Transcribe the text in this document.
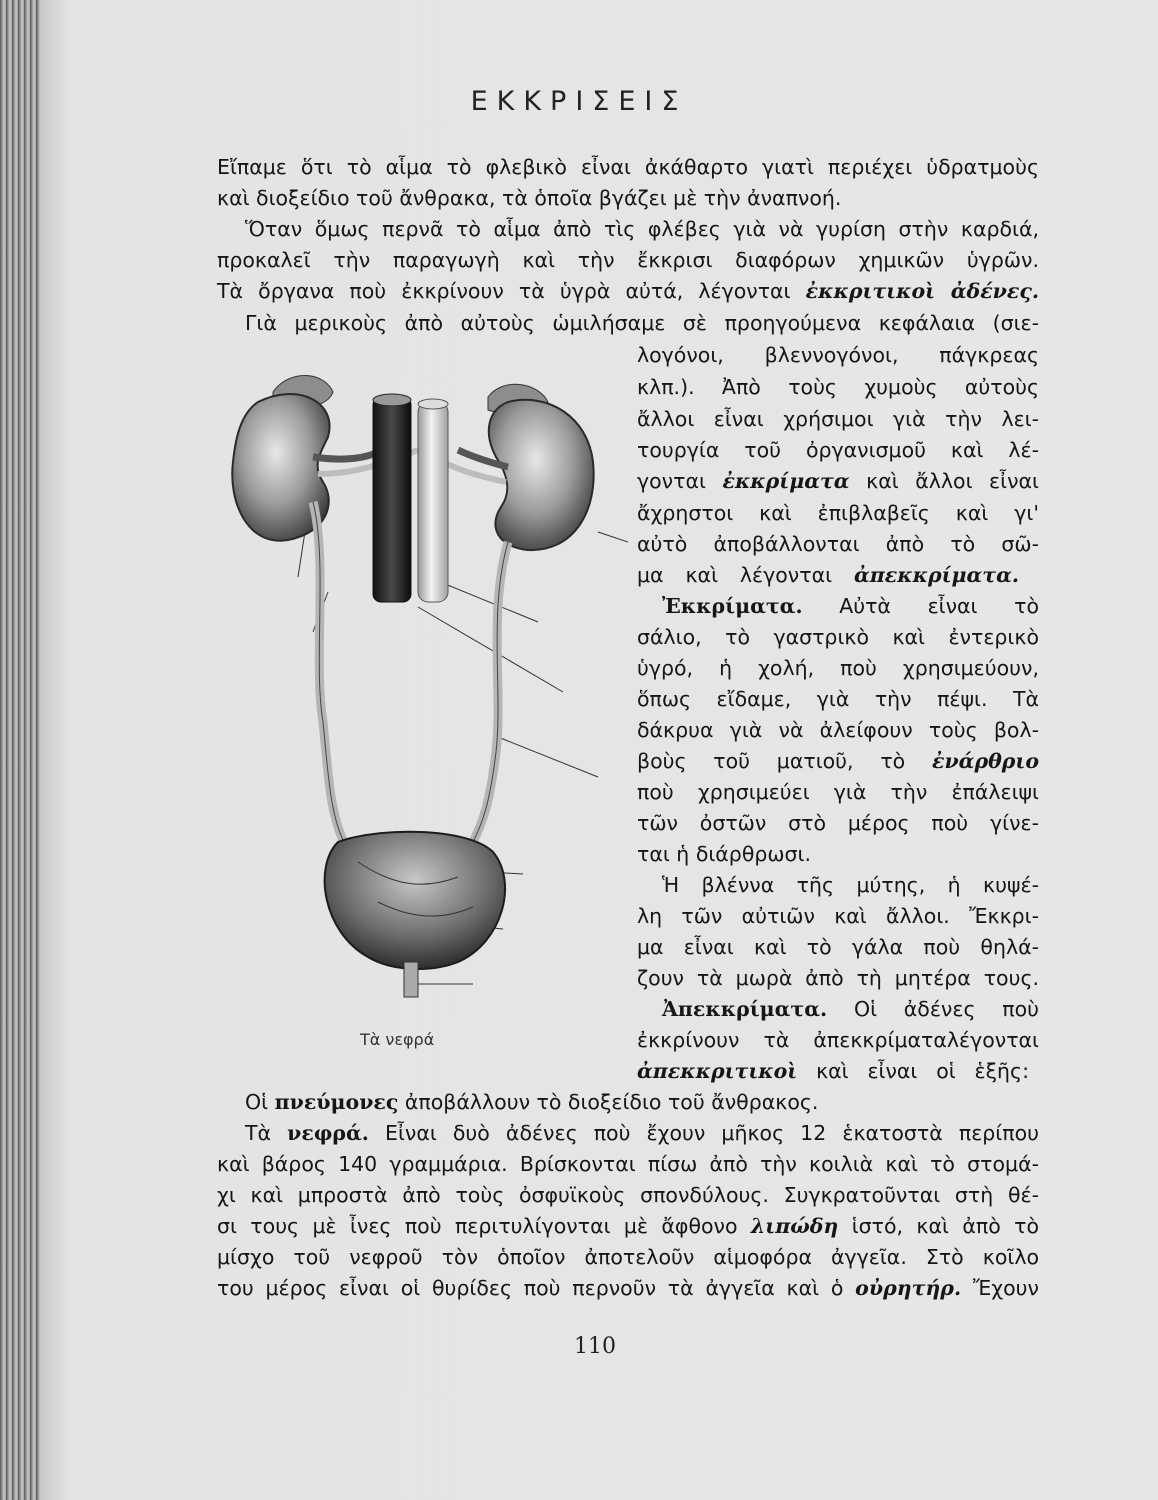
ΕΚΚΡΙΣΕΙΣ

Εἴπαμε ὅτι τὸ αἷμα τὸ φλεβικὸ εἶναι ἀκάθαρτο γιατὶ περιέχει ὑδρατμοὺς

καὶ διοξείδιο τοῦ ἄνθρακα, τὰ ὁποῖα βγάζει μὲ τὴν ἀναπνοή.

Ὅταν ὅμως περνᾶ τὸ αἷμα ἀπὸ τὶς φλέβες γιὰ νὰ γυρίση στὴν καρδιά,

προκαλεῖ τὴν παραγωγὴ καὶ τὴν ἔκκρισι διαφόρων χημικῶν ὑγρῶν.

Τὰ ὄργανα ποὺ ἐκκρίνουν τὰ ὑγρὰ αὐτά, λέγονται ἐκκριτικοὶ ἀδένες.

Γιὰ μερικοὺς ἀπὸ αὐτοὺς ὡμιλήσαμε σὲ προηγούμενα κεφάλαια (σιε-

λογόνοι, βλεννογόνοι, πάγκρεας

κλπ.). Ἀπὸ τοὺς χυμοὺς αὐτοὺς

ἄλλοι εἶναι χρήσιμοι γιὰ τὴν λει-

τουργία τοῦ ὀργανισμοῦ καὶ λέ-

γονται ἐκκρίματα καὶ ἄλλοι εἶναι

ἄχρηστοι καὶ ἐπιβλαβεῖς καὶ γι'

αὐτὸ ἀποβάλλονται ἀπὸ τὸ σῶ-

μα καὶ λέγονται ἀπεκκρίματα.

Ἐκκρίματα. Αὐτὰ εἶναι τὸ

σάλιο, τὸ γαστρικὸ καὶ ἐντερικὸ

ὑγρό, ἡ χολή, ποὺ χρησιμεύουν,

ὅπως εἴδαμε, γιὰ τὴν πέψι. Τὰ

δάκρυα γιὰ νὰ ἀλείφουν τοὺς βολ-

βοὺς τοῦ ματιοῦ, τὸ ἐνάρθριο

ποὺ χρησιμεύει γιὰ τὴν ἐπάλειψι

τῶν ὀστῶν στὸ μέρος ποὺ γίνε-

ται ἡ διάρθρωσι.

Ἡ βλέννα τῆς μύτης, ἡ κυψέ-

λη τῶν αὐτιῶν καὶ ἄλλοι. Ἔκκρι-

μα εἶναι καὶ τὸ γάλα ποὺ θηλά-

ζουν τὰ μωρὰ ἀπὸ τὴ μητέρα τους.

Ἀπεκκρίματα. Οἱ ἀδένες ποὺ

ἐκκρίνουν τὰ ἀπεκκρίματαλέγονται

ἀπεκκριτικοὶ καὶ εἶναι οἱ ἑξῆς:

Οἱ πνεύμονες ἀποβάλλουν τὸ διοξείδιο τοῦ ἄνθρακος.

Τὰ νεφρά. Εἶναι δυὸ ἀδένες ποὺ ἔχουν μῆκος 12 ἑκατοστὰ περίπου

καὶ βάρος 140 γραμμάρια. Βρίσκονται πίσω ἀπὸ τὴν κοιλιὰ καὶ τὸ στομά-

χι καὶ μπροστὰ ἀπὸ τοὺς ὀσφυϊκοὺς σπονδύλους. Συγκρατοῦνται στὴ θέ-

σι τους μὲ ἶνες ποὺ περιτυλίγονται μὲ ἄφθονο λιπώδη ἱστό, καὶ ἀπὸ τὸ

μίσχο τοῦ νεφροῦ τὸν ὁποῖον ἀποτελοῦν αἱμοφόρα ἀγγεῖα. Στὸ κοῖλο

του μέρος εἶναι οἱ θυρίδες ποὺ περνοῦν τὰ ἀγγεῖα καὶ ὁ οὐρητήρ. Ἔχουν

Τὰ νεφρά

110
